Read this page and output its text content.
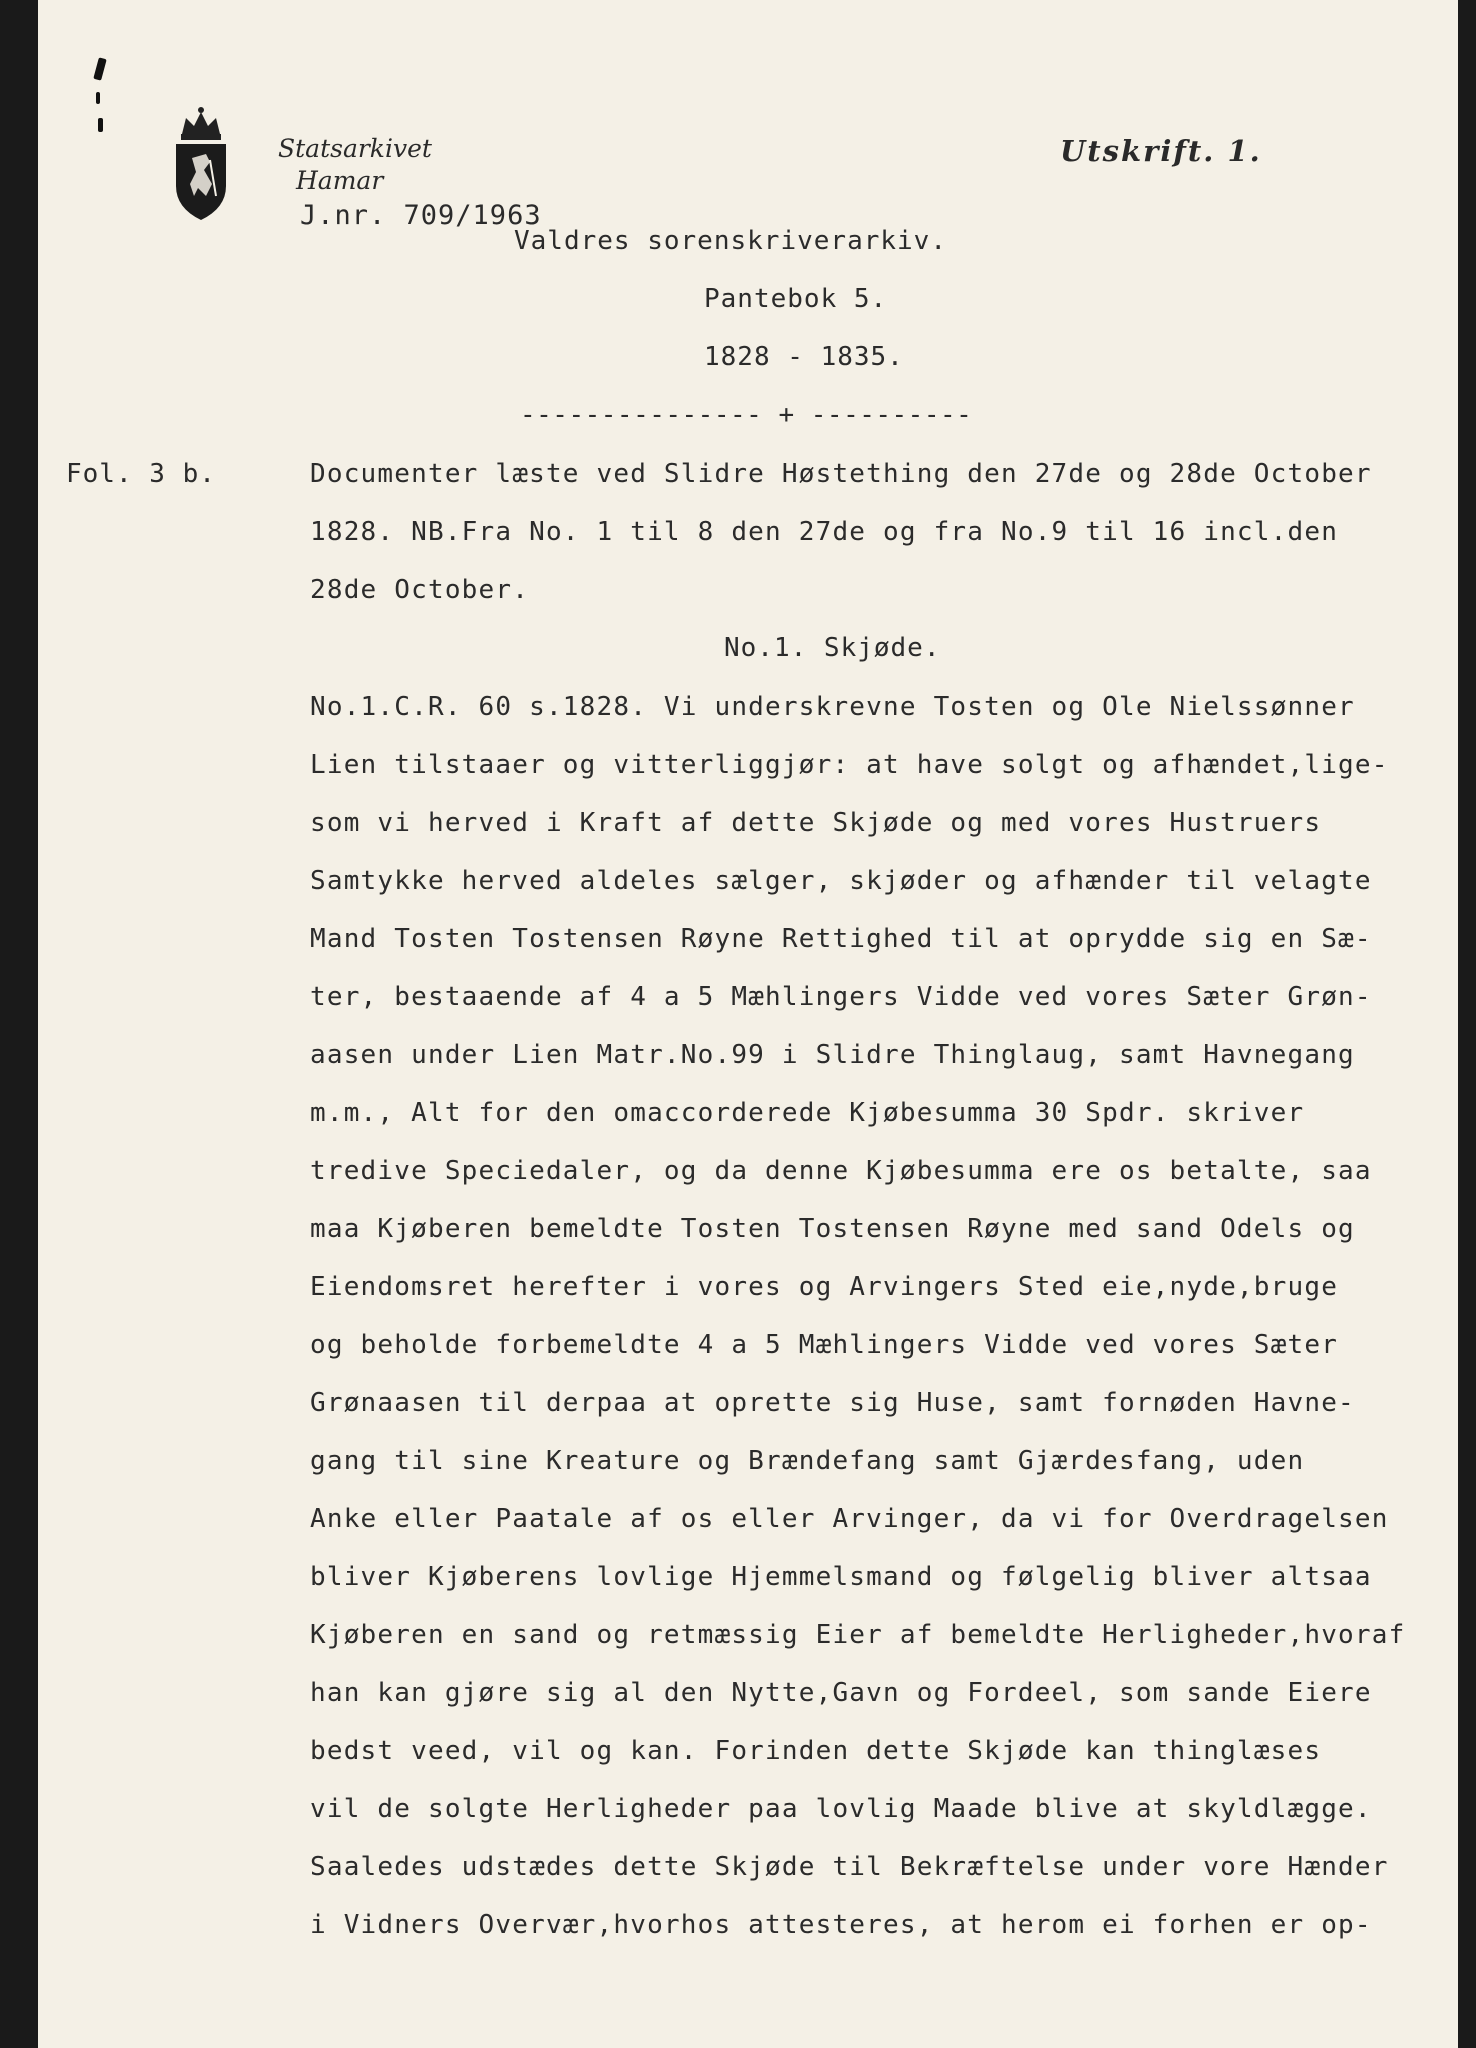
Statsarkivet
Hamar
J.nr. 709/1963
Utskrift. 1.
Valdres sorenskriverarkiv.
Pantebok 5.
1828 - 1835.
--------------- + ----------
Fol. 3 b.	Documenter læste ved Slidre Høstething den 27de og 28de October
1828. NB.Fra No. 1 til 8 den 27de og fra No.9 til 16 incl.den
28de October.
No.1. Skjøde.
No.1.C.R. 60 s.1828. Vi underskrevne Tosten og Ole Nielssønner
Lien tilstaaer og vitterliggjør: at have solgt og afhændet,lige-
som vi herved i Kraft af dette Skjøde og med vores Hustruers
Samtykke herved aldeles sælger, skjøder og afhænder til velagte
Mand Tosten Tostensen Røyne Rettighed til at oprydde sig en Sæ-
ter, bestaaende af 4 a 5 Mæhlingers Vidde ved vores Sæter Grøn-
aasen under Lien Matr.No.99 i Slidre Thinglaug, samt Havnegang
m.m., Alt for den omaccorderede Kjøbesumma 30 Spdr. skriver
tredive Speciedaler, og da denne Kjøbesumma ere os betalte, saa
maa Kjøberen bemeldte Tosten Tostensen Røyne med sand Odels og
Eiendomsret herefter i vores og Arvingers Sted eie,nyde,bruge
og beholde forbemeldte 4 a 5 Mæhlingers Vidde ved vores Sæter
Grønaasen til derpaa at oprette sig Huse, samt fornøden Havne-
gang til sine Kreature og Brændefang samt Gjærdesfang, uden
Anke eller Paatale af os eller Arvinger, da vi for Overdragelsen
bliver Kjøberens lovlige Hjemmelsmand og følgelig bliver altsaa
Kjøberen en sand og retmæssig Eier af bemeldte Herligheder,hvoraf
han kan gjøre sig al den Nytte,Gavn og Fordeel, som sande Eiere
bedst veed, vil og kan. Forinden dette Skjøde kan thinglæses
vil de solgte Herligheder paa lovlig Maade blive at skyldlægge.
Saaledes udstædes dette Skjøde til Bekræftelse under vore Hænder
i Vidners Overvær,hvorhos attesteres, at herom ei forhen er op-
